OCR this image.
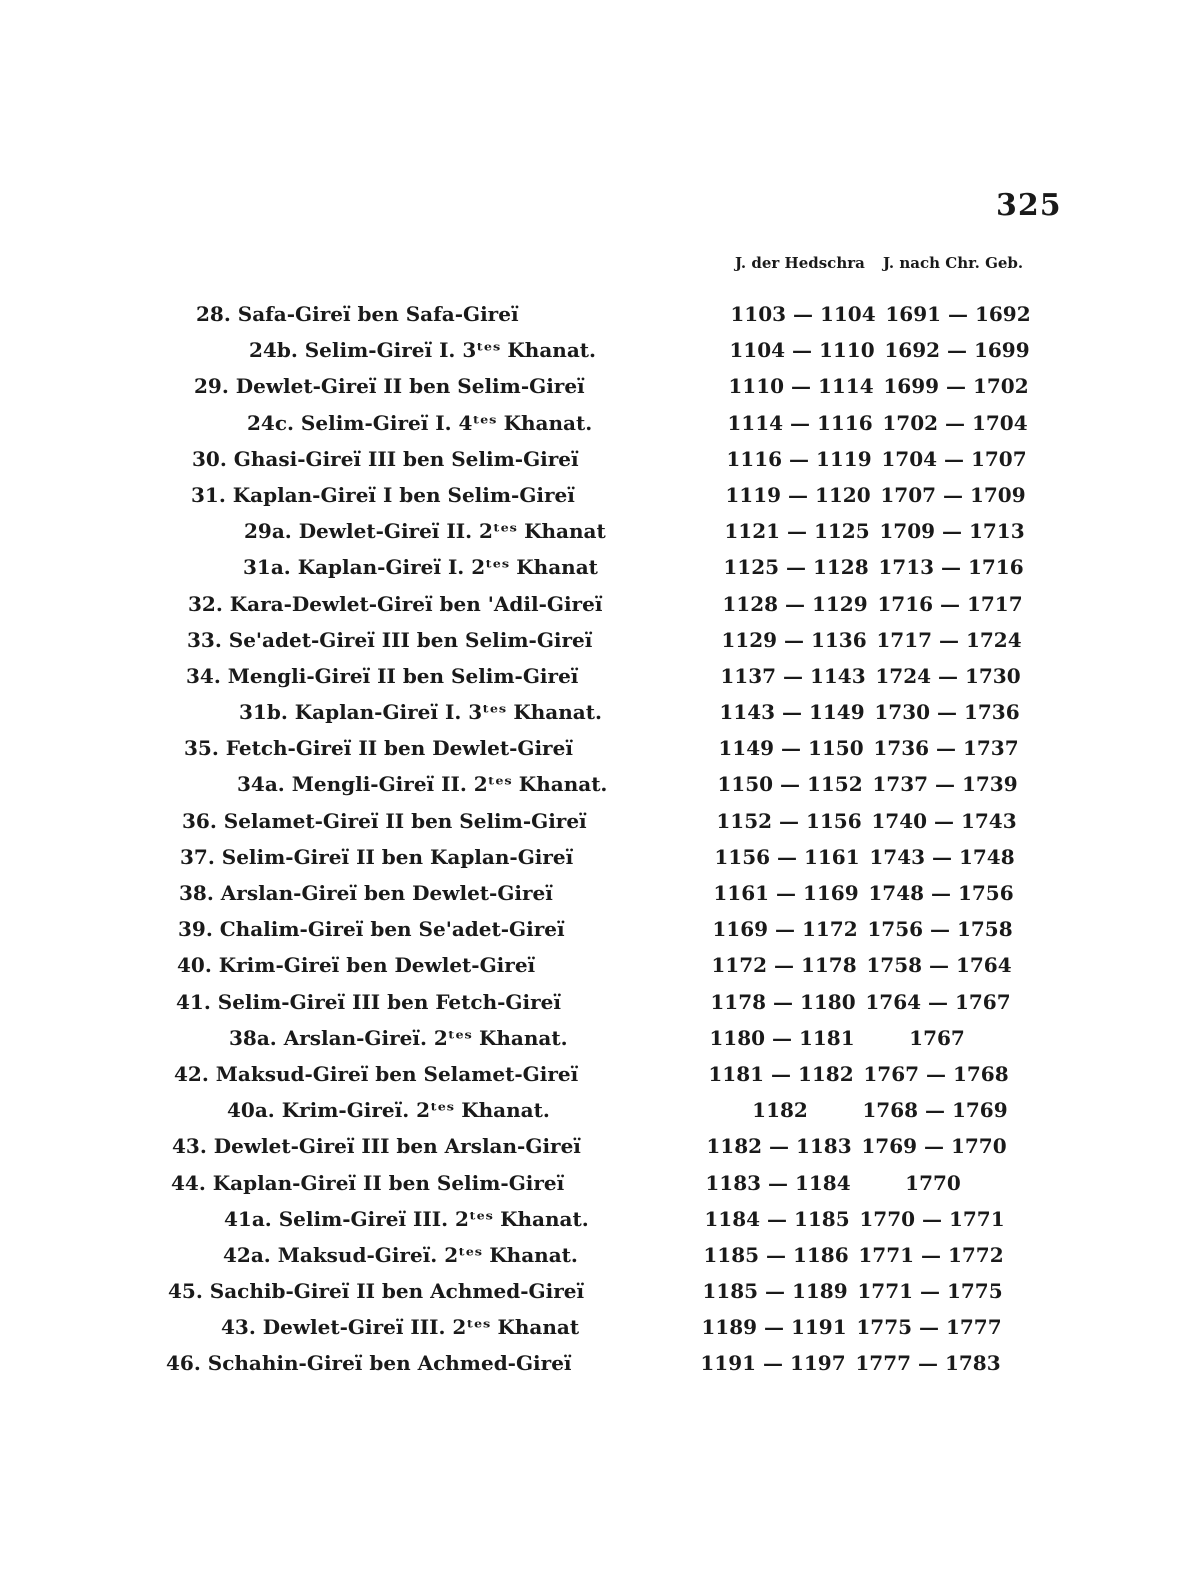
325
J. der Hedschra J. nach Chr. Geb.
28. Safa-Gireï ben Safa-Gireï	1103 — 1104 1691 — 1692
24b. Selim-Gireï I. 3ᵗᵉˢ Khanat.	1104 — 1110 1692 — 1699
29. Dewlet-Gireï II ben Selim-Gireï	1110 — 1114 1699 — 1702
24c. Selim-Gireï I. 4ᵗᵉˢ Khanat.	1114 — 1116 1702 — 1704
30. Ghasi-Gireï III ben Selim-Gireï	1116 — 1119 1704 — 1707
31. Kaplan-Gireï I ben Selim-Gireï	1119 — 1120 1707 — 1709
29a. Dewlet-Gireï II. 2ᵗᵉˢ Khanat	1121 — 1125 1709 — 1713
31a. Kaplan-Gireï I. 2ᵗᵉˢ Khanat	1125 — 1128 1713 — 1716
32. Kara-Dewlet-Gireï ben 'Adil-Gireï	1128 — 1129 1716 — 1717
33. Se'adet-Gireï III ben Selim-Gireï	1129 — 1136 1717 — 1724
34. Mengli-Gireï II ben Selim-Gireï	1137 — 1143 1724 — 1730
31b. Kaplan-Gireï I. 3ᵗᵉˢ Khanat.	1143 — 1149 1730 — 1736
35. Fetch-Gireï II ben Dewlet-Gireï	1149 — 1150 1736 — 1737
34a. Mengli-Gireï II. 2ᵗᵉˢ Khanat.	1150 — 1152 1737 — 1739
36. Selamet-Gireï II ben Selim-Gireï	1152 — 1156 1740 — 1743
37. Selim-Gireï II ben Kaplan-Gireï	1156 — 1161 1743 — 1748
38. Arslan-Gireï ben Dewlet-Gireï	1161 — 1169 1748 — 1756
39. Chalim-Gireï ben Se'adet-Gireï	1169 — 1172 1756 — 1758
40. Krim-Gireï ben Dewlet-Gireï	1172 — 1178 1758 — 1764
41. Selim-Gireï III ben Fetch-Gireï	1178 — 1180 1764 — 1767
38a. Arslan-Gireï. 2ᵗᵉˢ Khanat.	1180 — 1181	1767
42. Maksud-Gireï ben Selamet-Gireï	1181 — 1182 1767 — 1768
40a. Krim-Gireï. 2ᵗᵉˢ Khanat.	1182	1768 — 1769
43. Dewlet-Gireï III ben Arslan-Gireï	1182 — 1183 1769 — 1770
44. Kaplan-Gireï II ben Selim-Gireï	1183 — 1184	1770
41a. Selim-Gireï III. 2ᵗᵉˢ Khanat.	1184 — 1185 1770 — 1771
42a. Maksud-Gireï. 2ᵗᵉˢ Khanat.	1185 — 1186 1771 — 1772
45. Sachib-Gireï II ben Achmed-Gireï	1185 — 1189 1771 — 1775
43. Dewlet-Gireï III. 2ᵗᵉˢ Khanat	1189 — 1191 1775 — 1777
46. Schahin-Gireï ben Achmed-Gireï	1191 — 1197 1777 — 1783
